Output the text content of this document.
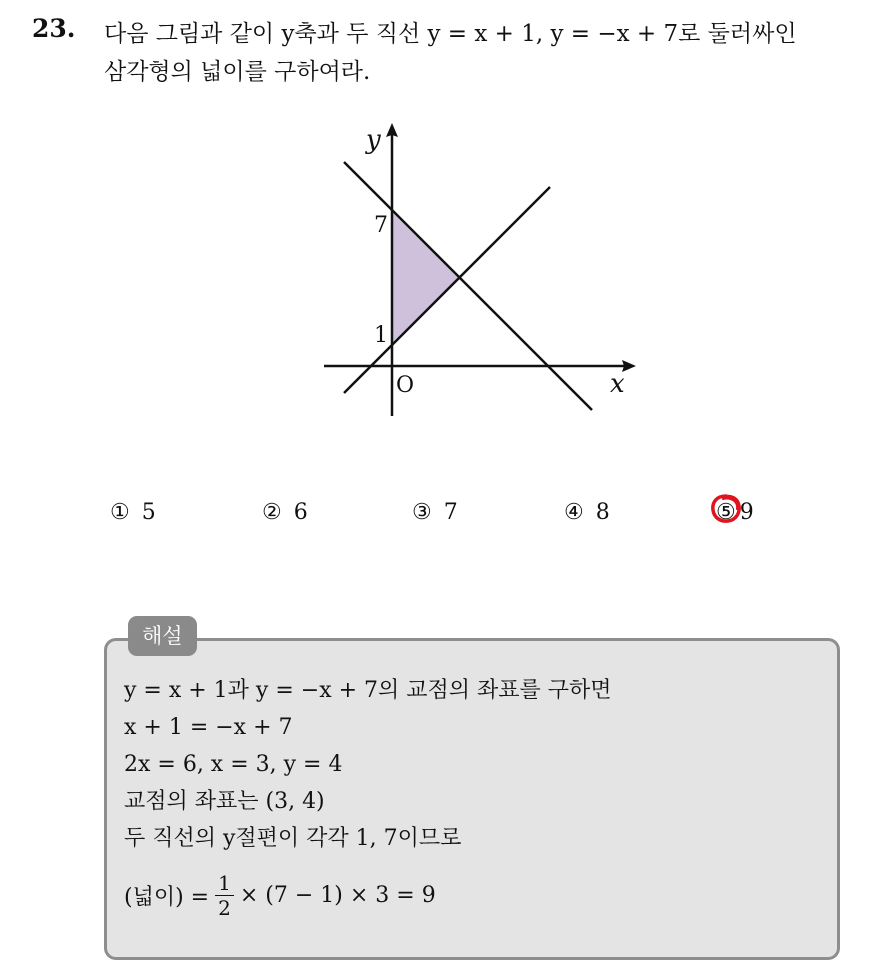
23. 다음 그림과 같이 y축과 두 직선 y = x + 1, y = −x + 7로 둘러싸인
삼각형의 넓이를 구하여라.
y
x
O
1
7
① 5	② 6	③ 7	④ 8	⑤ 9
해설
y = x + 1과 y = −x + 7의 교점의 좌표를 구하면
x + 1 = −x + 7
2x = 6, x = 3, y = 4
교점의 좌표는 (3, 4)
두 직선의 y절편이 각각 1, 7이므로
(넓이) = $\frac{1}{2} \times (7 - 1) \times 3 = 9$
